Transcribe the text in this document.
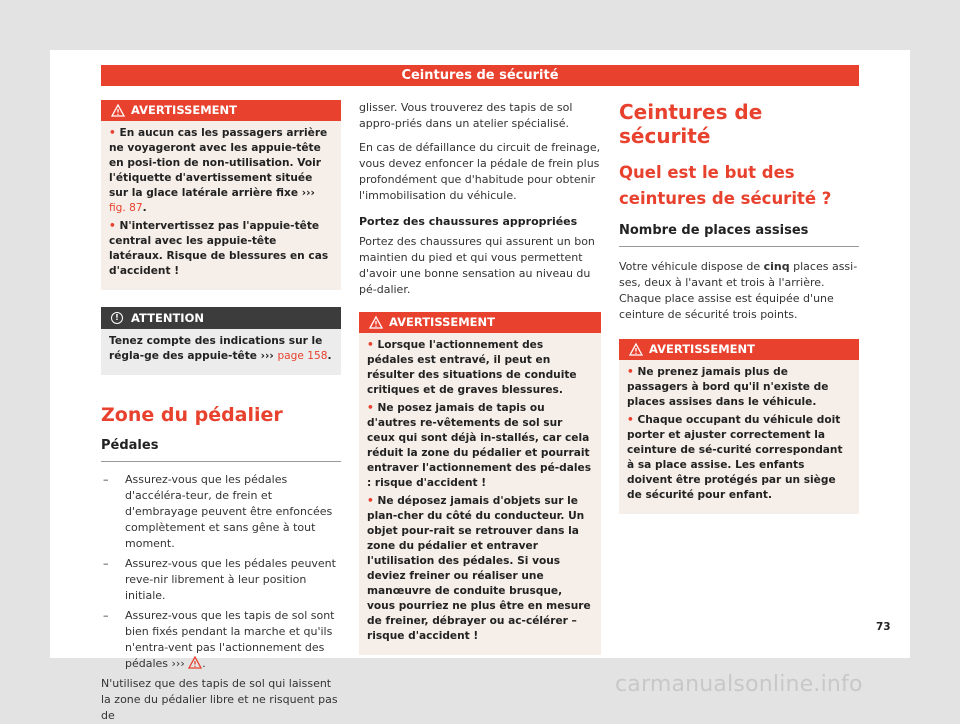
Ceintures de sécurité
AVERTISSEMENT

• En aucun cas les passagers arrière ne voyageront avec les appuie-tête en posi-tion de non-utilisation. Voir l'étiquette d'avertissement située sur la glace latérale arrière fixe ››› fig. 87.

• N'intervertissez pas l'appuie-tête central avec les appuie-tête latéraux. Risque de blessures en cas d'accident !

!	ATTENTION

Tenez compte des indications sur le régla-ge des appuie-tête ››› page 158.

Zone du pédalier
Pédales
– Assurez-vous que les pédales d'accéléra-teur, de frein et d'embrayage peuvent être enfoncées complètement et sans gêne à tout moment.
– Assurez-vous que les pédales peuvent reve-nir librement à leur position initiale.
– Assurez-vous que les tapis de sol sont bien fixés pendant la marche et qu'ils n'entra-vent pas l'actionnement des pédales ››› .

N'utilisez que des tapis de sol qui laissent la zone du pédalier libre et ne risquent pas de

glisser. Vous trouverez des tapis de sol appro-priés dans un atelier spécialisé.

En cas de défaillance du circuit de freinage, vous devez enfoncer la pédale de frein plus profondément que d'habitude pour obtenir l'immobilisation du véhicule.

Portez des chaussures appropriées

Portez des chaussures qui assurent un bon maintien du pied et qui vous permettent d'avoir une bonne sensation au niveau du pé-dalier.

AVERTISSEMENT

• Lorsque l'actionnement des pédales est entravé, il peut en résulter des situations de conduite critiques et de graves blessures.

• Ne posez jamais de tapis ou d'autres re-vêtements de sol sur ceux qui sont déjà in-stallés, car cela réduit la zone du pédalier et pourrait entraver l'actionnement des pé-dales : risque d'accident !

• Ne déposez jamais d'objets sur le plan-cher du côté du conducteur. Un objet pour-rait se retrouver dans la zone du pédalier et entraver l'utilisation des pédales. Si vous deviez freiner ou réaliser une manœuvre de conduite brusque, vous pourriez ne plus être en mesure de freiner, débrayer ou ac-célérer – risque d'accident !

Ceintures de sécurité
Quel est le but des ceintures de sécurité ?
Nombre de places assises

Votre véhicule dispose de cinq places assi-ses, deux à l'avant et trois à l'arrière. Chaque place assise est équipée d'une ceinture de sécurité trois points.

AVERTISSEMENT

• Ne prenez jamais plus de passagers à bord qu'il n'existe de places assises dans le véhicule.

• Chaque occupant du véhicule doit porter et ajuster correctement la ceinture de sé-curité correspondant à sa place assise. Les enfants doivent être protégés par un siège de sécurité pour enfant.

73
carmanualsonline.info
